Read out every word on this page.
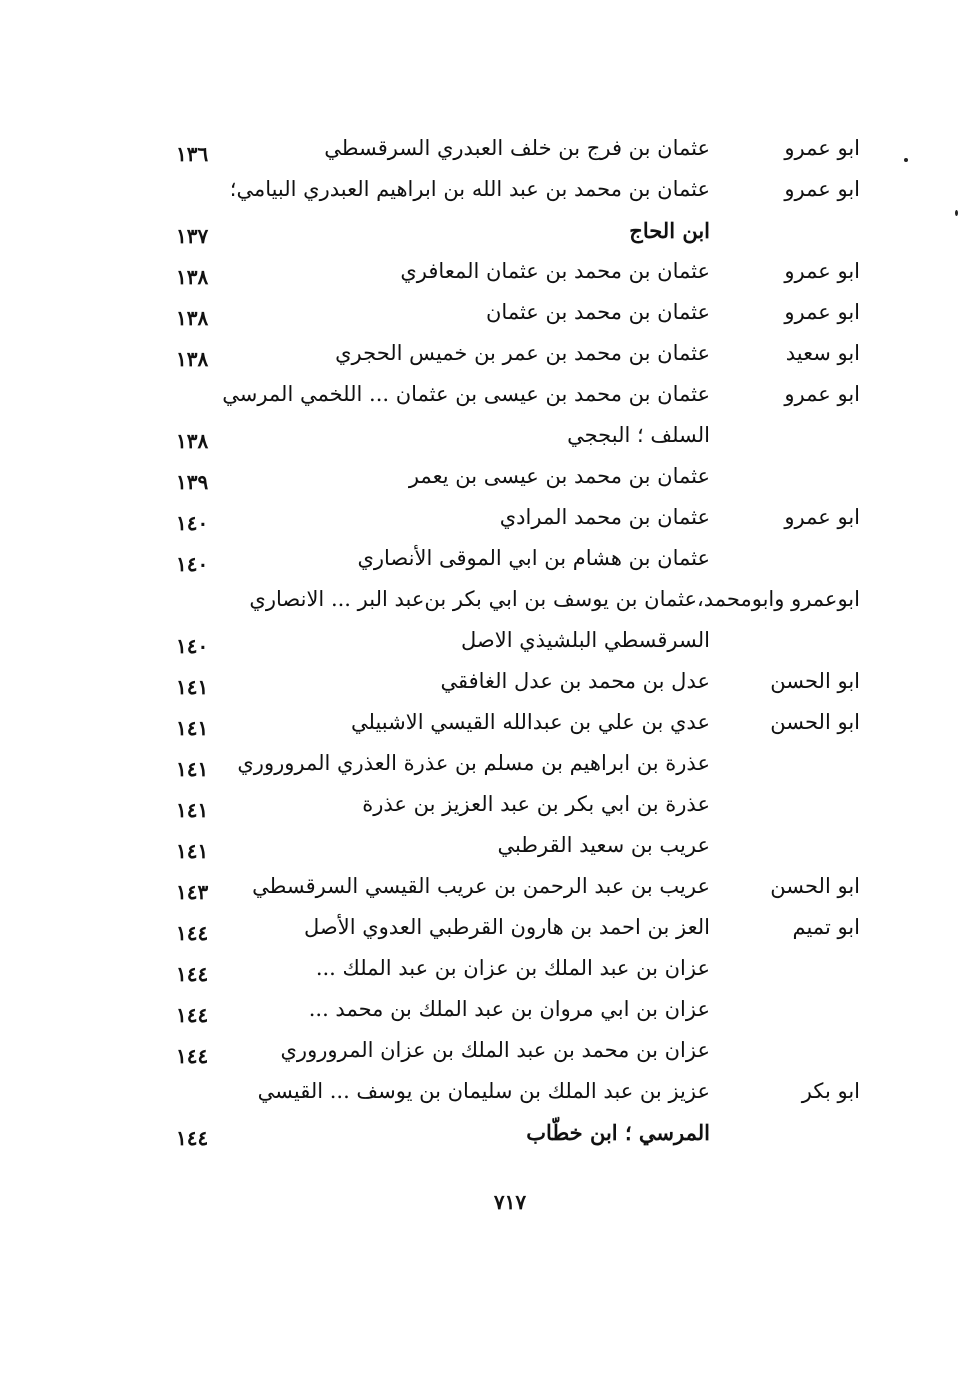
ابو عمرو
عثمان بن فرج بن خلف العبدري السرقسطي
١٣٦
ابو عمرو
عثمان بن محمد بن عبد الله بن ابراهيم العبدري البيامي؛
ابن الحاج
١٣٧
ابو عمرو
عثمان بن محمد بن عثمان المعافري
١٣٨
ابو عمرو
عثمان بن محمد بن عثمان
١٣٨
ابو سعيد
عثمان بن محمد بن عمر بن خميس الحجري
١٣٨
ابو عمرو
عثمان بن محمد بن عيسى بن عثمان ... اللخمي المرسي
السلف ؛ البججي
١٣٨
عثمان بن محمد بن عيسى بن يعمر
١٣٩
ابو عمرو
عثمان بن محمد المرادي
١٤٠
عثمان بن هشام بن ابي الموقى الأنصاري
١٤٠
ابوعمرو وابومحمد،عثمان بن يوسف بن ابي بكر بن‌عبد البر ... الانصاري
السرقسطي البلشيذي الاصل
١٤٠
ابو الحسن
عدل بن محمد بن عدل الغافقي
١٤١
ابو الحسن
عدي بن علي بن عبدالله القيسي الاشبيلي
١٤١
عذرة بن ابراهيم بن مسلم بن عذرة العذري المروروري
١٤١
عذرة بن ابي بكر بن عبد العزيز بن عذرة
١٤١
عريب بن سعيد القرطبي
١٤١
ابو الحسن
عريب بن عبد الرحمن بن عريب القيسي السرقسطي
١٤٣
ابو تميم
العز بن احمد بن هارون القرطبي العدوي الأصل
١٤٤
عزان بن عبد الملك بن عزان بن عبد الملك ...
١٤٤
عزان بن ابي مروان بن عبد الملك بن محمد ...
١٤٤
عزان بن محمد بن عبد الملك بن عزان المروروري
١٤٤
ابو بكر
عزيز بن عبد الملك بن سليمان بن يوسف ... القيسي
المرسي ؛ ابن خطّاب
١٤٤
٧١٧
